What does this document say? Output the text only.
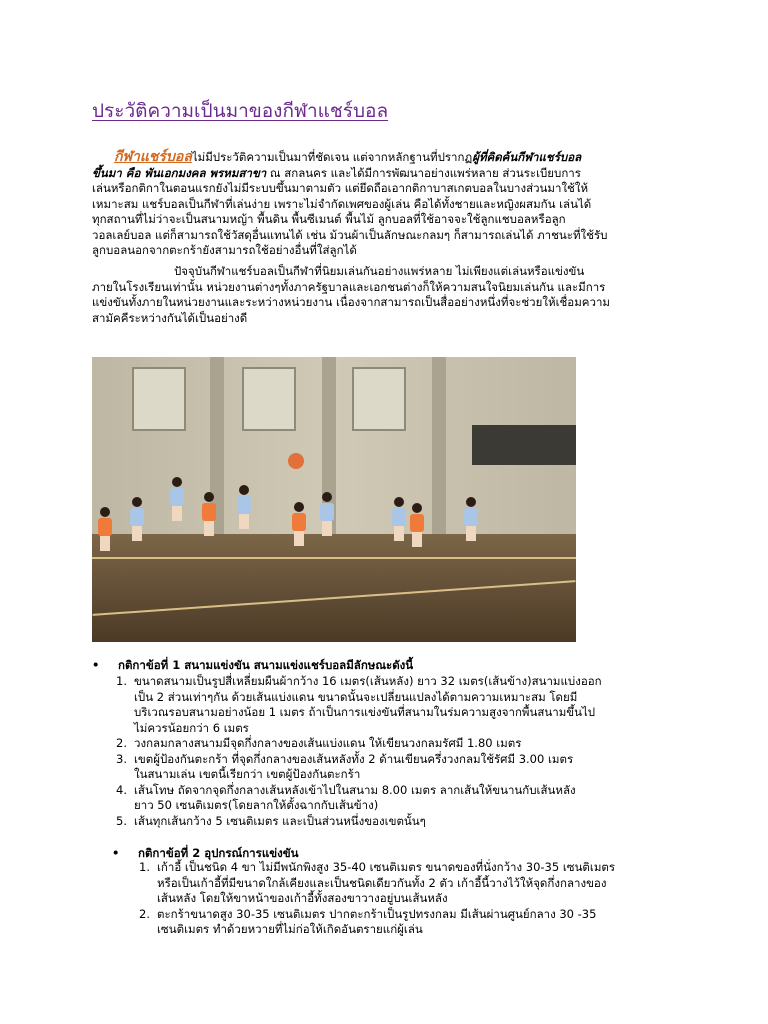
ประวัติความเป็นมาของกีฬาแชร์บอล
กีฬาแชร์บอลไม่มีประวัติความเป็นมาที่ชัดเจน แต่จากหลักฐานที่ปรากฏผู้ที่คิดค้นกีฬาแชร์บอล
ขึ้นมา คือ พันเอกมงคล พรหมสาขา ณ สกลนคร และได้มีการพัฒนาอย่างแพร่หลาย ส่วนระเบียบการ
เล่นหรือกติกาในตอนแรกยังไม่มีระบบขึ้นมาตามตัว แต่ยึดถือเอากติกาบาสเกตบอลในบางส่วนมาใช้ให้
เหมาะสม แชร์บอลเป็นกีฬาที่เล่นง่าย เพราะไม่จำกัดเพศของผู้เล่น คือได้ทั้งชายและหญิงผสมกัน เล่นได้
ทุกสถานที่ไม่ว่าจะเป็นสนามหญ้า พื้นดิน พื้นซีเมนต์ พื้นไม้ ลูกบอลที่ใช้อาจจะใช้ลูกแชบอลหรือลูก
วอลเลย์บอล แต่ก็สามารถใช้วัสดุอื่นแทนได้ เช่น ม้วนผ้าเป็นลักษณะกลมๆ ก็สามารถเล่นได้ ภาชนะที่ใช้รับ
ลูกบอลนอกจากตะกร้ายังสามารถใช้อย่างอื่นที่ใส่ลูกได้
ปัจจุบันกีฬาแชร์บอลเป็นกีฬาที่นิยมเล่นกันอย่างแพร่หลาย ไม่เพียงแต่เล่นหรือแข่งขัน
ภายในโรงเรียนเท่านั้น หน่วยงานต่างๆทั้งภาครัฐบาลและเอกชนต่างก็ให้ความสนใจนิยมเล่นกัน และมีการ
แข่งขันทั้งภายในหน่วยงานและระหว่างหน่วยงาน เนื่องจากสามารถเป็นสื่ออย่างหนึ่งที่จะช่วยให้เชื่อมความ
สามัคคีระหว่างกันได้เป็นอย่างดี
• กติกาข้อที่ 1 สนามแข่งขัน สนามแข่งแชร์บอลมีลักษณะดังนี้
1. ขนาดสนามเป็นรูปสี่เหลี่ยมผืนผ้ากว้าง 16 เมตร(เส้นหลัง) ยาว 32 เมตร(เส้นข้าง)สนามแบ่งออก
เป็น 2 ส่วนเท่าๆกัน ด้วยเส้นแบ่งแดน ขนาดนั้นจะเปลี่ยนแปลงได้ตามความเหมาะสม โดยมี
บริเวณรอบสนามอย่างน้อย 1 เมตร ถ้าเป็นการแข่งขันที่สนามในร่มความสูงจากพื้นสนามขึ้นไป
ไม่ควรน้อยกว่า 6 เมตร
2. วงกลมกลางสนามมีจุดกึ่งกลางของเส้นแบ่งแดน ให้เขียนวงกลมรัศมี 1.80 เมตร
3. เขตผู้ป้องกันตะกร้า ที่จุดกึ่งกลางของเส้นหลังทั้ง 2 ด้านเขียนครึ่งวงกลมใช้รัศมี 3.00 เมตร
ในสนามเล่น เขตนี้เรียกว่า เขตผู้ป้องกันตะกร้า
4. เส้นโทษ ถัดจากจุดกึ่งกลางเส้นหลังเข้าไปในสนาม 8.00 เมตร ลากเส้นให้ขนานกับเส้นหลัง
ยาว 50 เซนติเมตร(โดยลากให้ตั้งฉากกับเส้นข้าง)
5. เส้นทุกเส้นกว้าง 5 เซนติเมตร และเป็นส่วนหนึ่งของเขตนั้นๆ
• กติกาข้อที่ 2 อุปกรณ์การแข่งขัน
1. เก้าอี้ เป็นชนิด 4 ขา ไม่มีพนักพิงสูง 35-40 เซนติเมตร ขนาดของที่นั่งกว้าง 30-35 เซนติเมตร
หรือเป็นเก้าอี้ที่มีขนาดใกล้เคียงและเป็นชนิดเดียวกันทั้ง 2 ตัว เก้าอี้นี้วางไว้ให้จุดกึ่งกลางของ
เส้นหลัง โดยให้ขาหน้าของเก้าอี้ทั้งสองขาวางอยู่บนเส้นหลัง
2. ตะกร้าขนาดสูง 30-35 เซนติเมตร ปากตะกร้าเป็นรูปทรงกลม มีเส้นผ่านศูนย์กลาง 30 -35
เซนติเมตร ทำด้วยหวายที่ไม่ก่อให้เกิดอันตรายแก่ผู้เล่น
